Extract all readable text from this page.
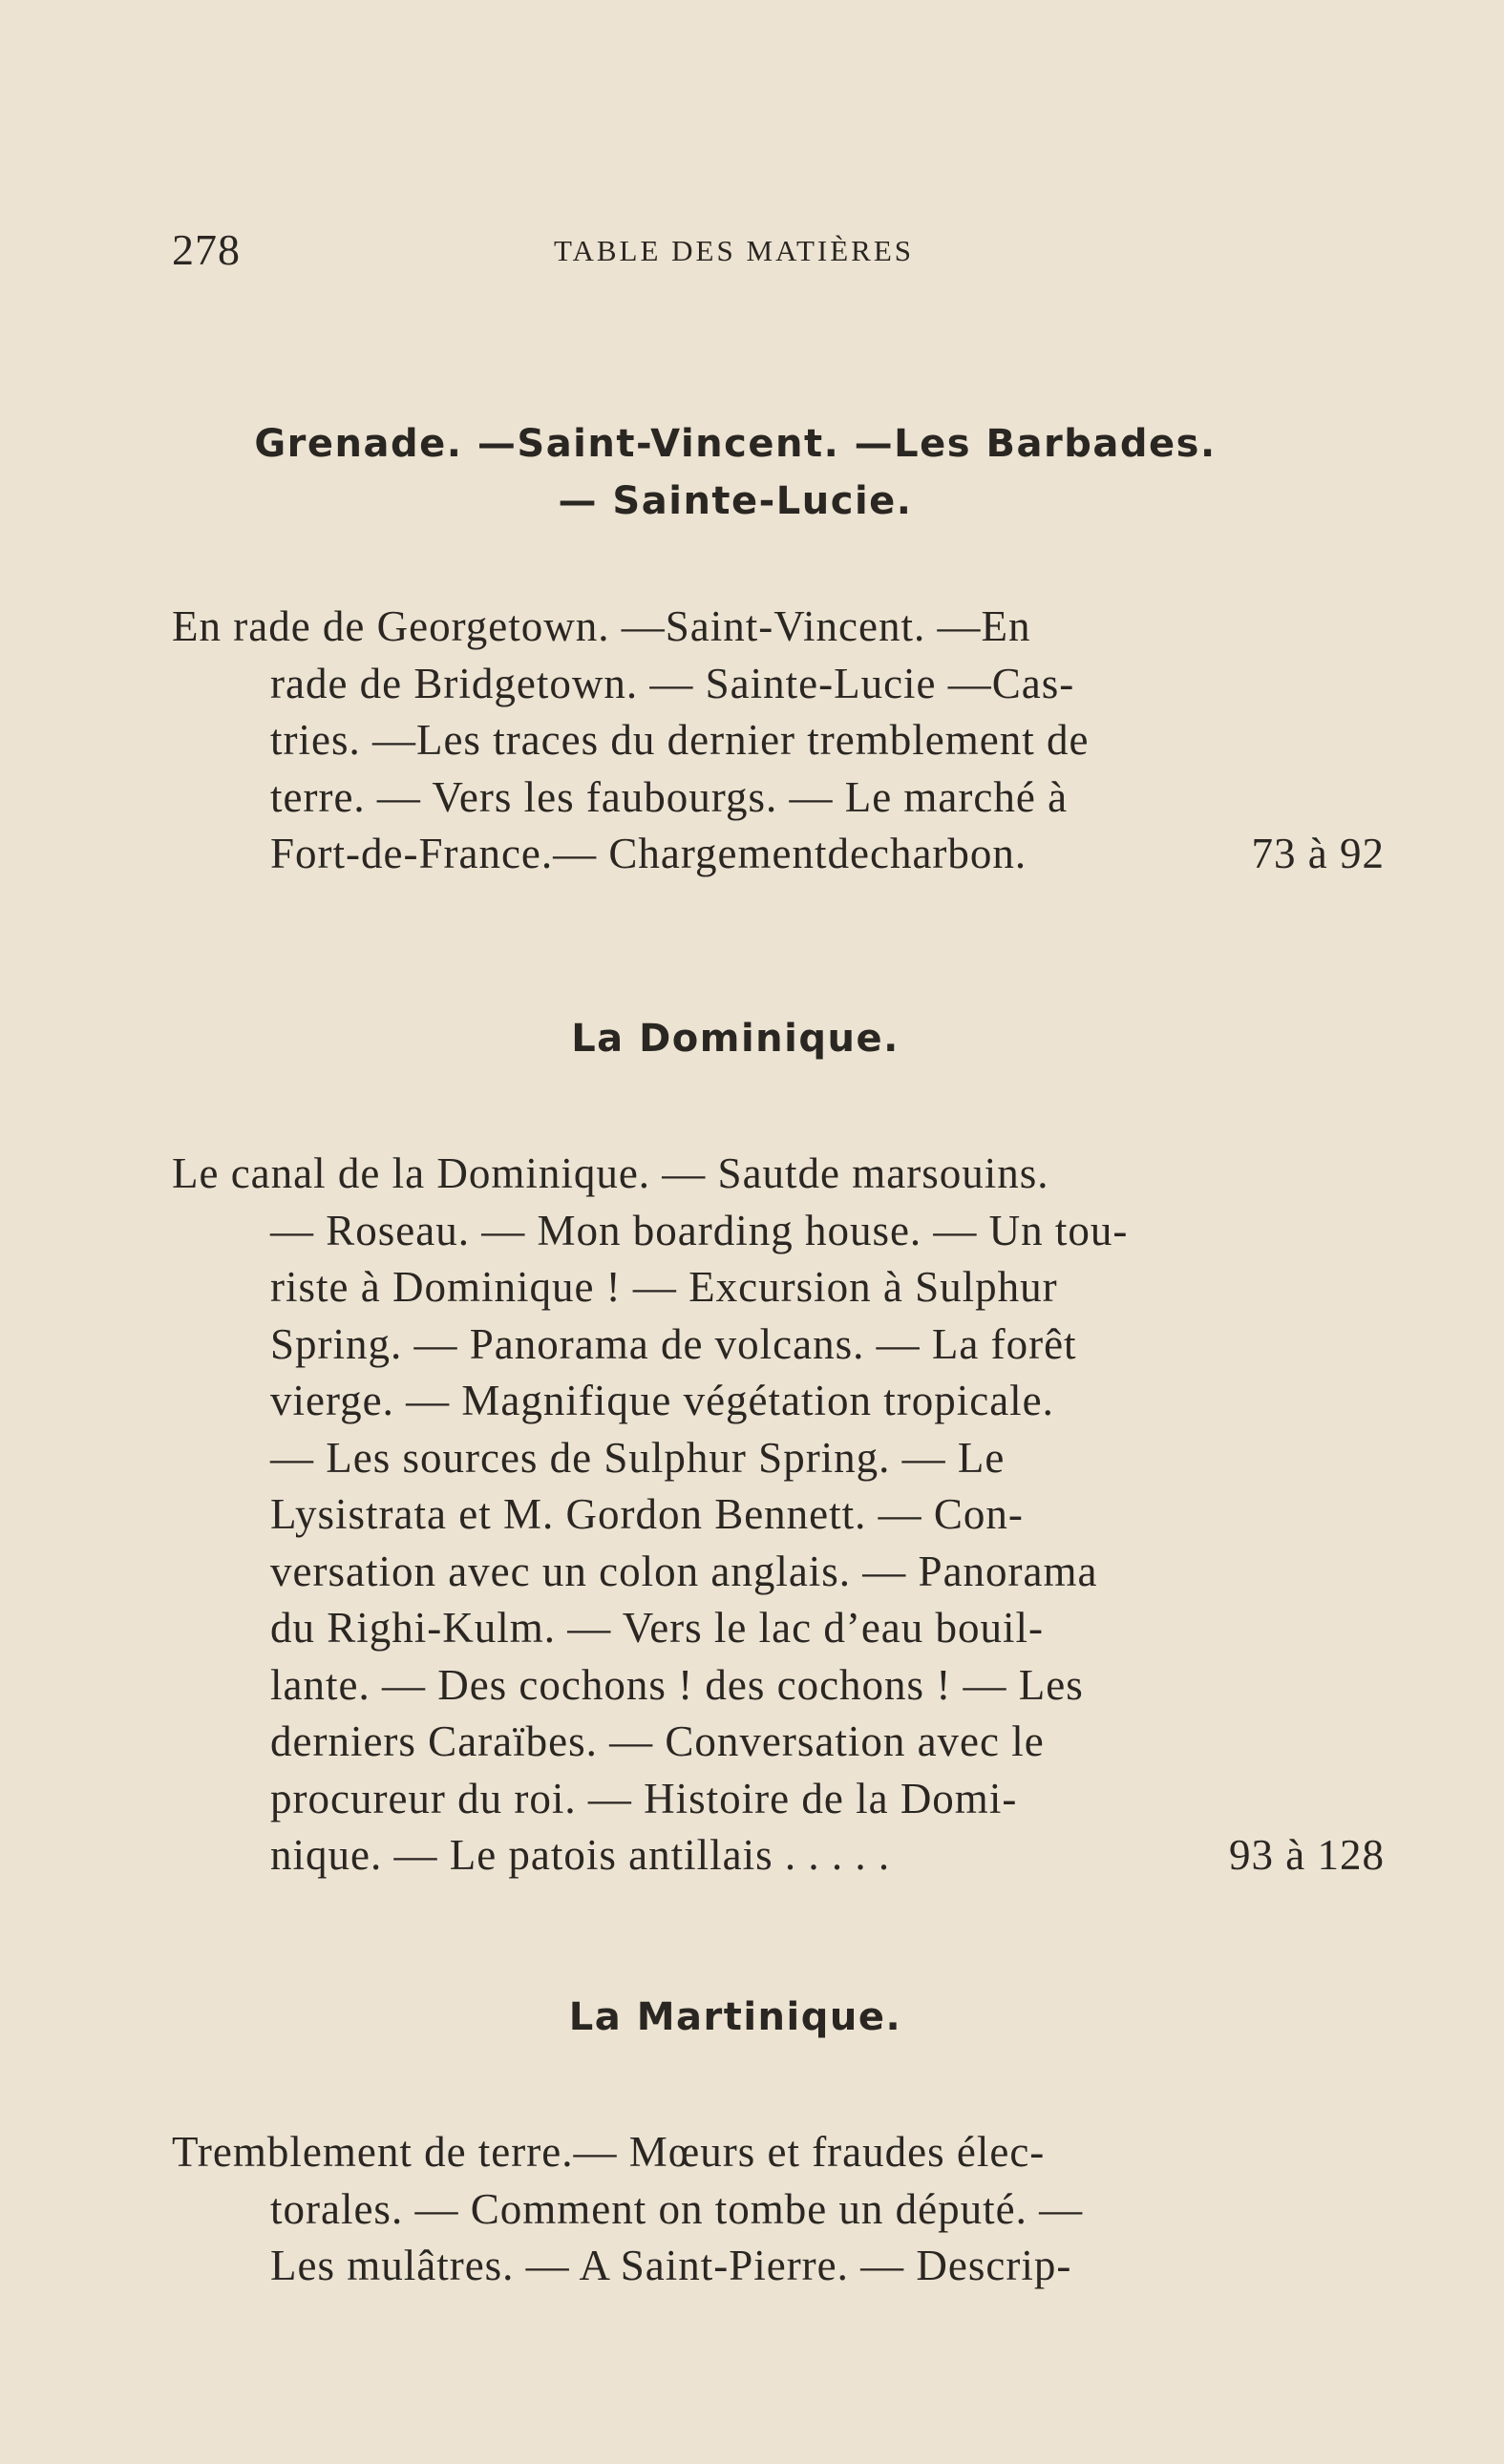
278	TABLE DES MATIÈRES
Grenade. —Saint-Vincent. —Les Barbades.
— Sainte-Lucie.
En rade de Georgetown. —Saint-Vincent. —En
rade de Bridgetown. — Sainte-Lucie —Cas-
tries. —Les traces du dernier tremblement de
terre. — Vers les faubourgs. — Le marché à
Fort-de-France.— Chargementdecharbon.	73 à 92
La Dominique.
Le canal de la Dominique. — Sautde marsouins.
— Roseau. — Mon boarding house. — Un tou-
riste à Dominique ! — Excursion à Sulphur
Spring. — Panorama de volcans. — La forêt
vierge. — Magnifique végétation tropicale.
— Les sources de Sulphur Spring. — Le
Lysistrata et M. Gordon Bennett. — Con-
versation avec un colon anglais. — Panorama
du Righi-Kulm. — Vers le lac d’eau bouil-
lante. — Des cochons ! des cochons ! — Les
derniers Caraïbes. — Conversation avec le
procureur du roi. — Histoire de la Domi-
nique. — Le patois antillais . . . . .	93 à 128
La Martinique.
Tremblement de terre.— Mœurs et fraudes élec-
torales. — Comment on tombe un député. —
Les mulâtres. — A Saint-Pierre. — Descrip-
